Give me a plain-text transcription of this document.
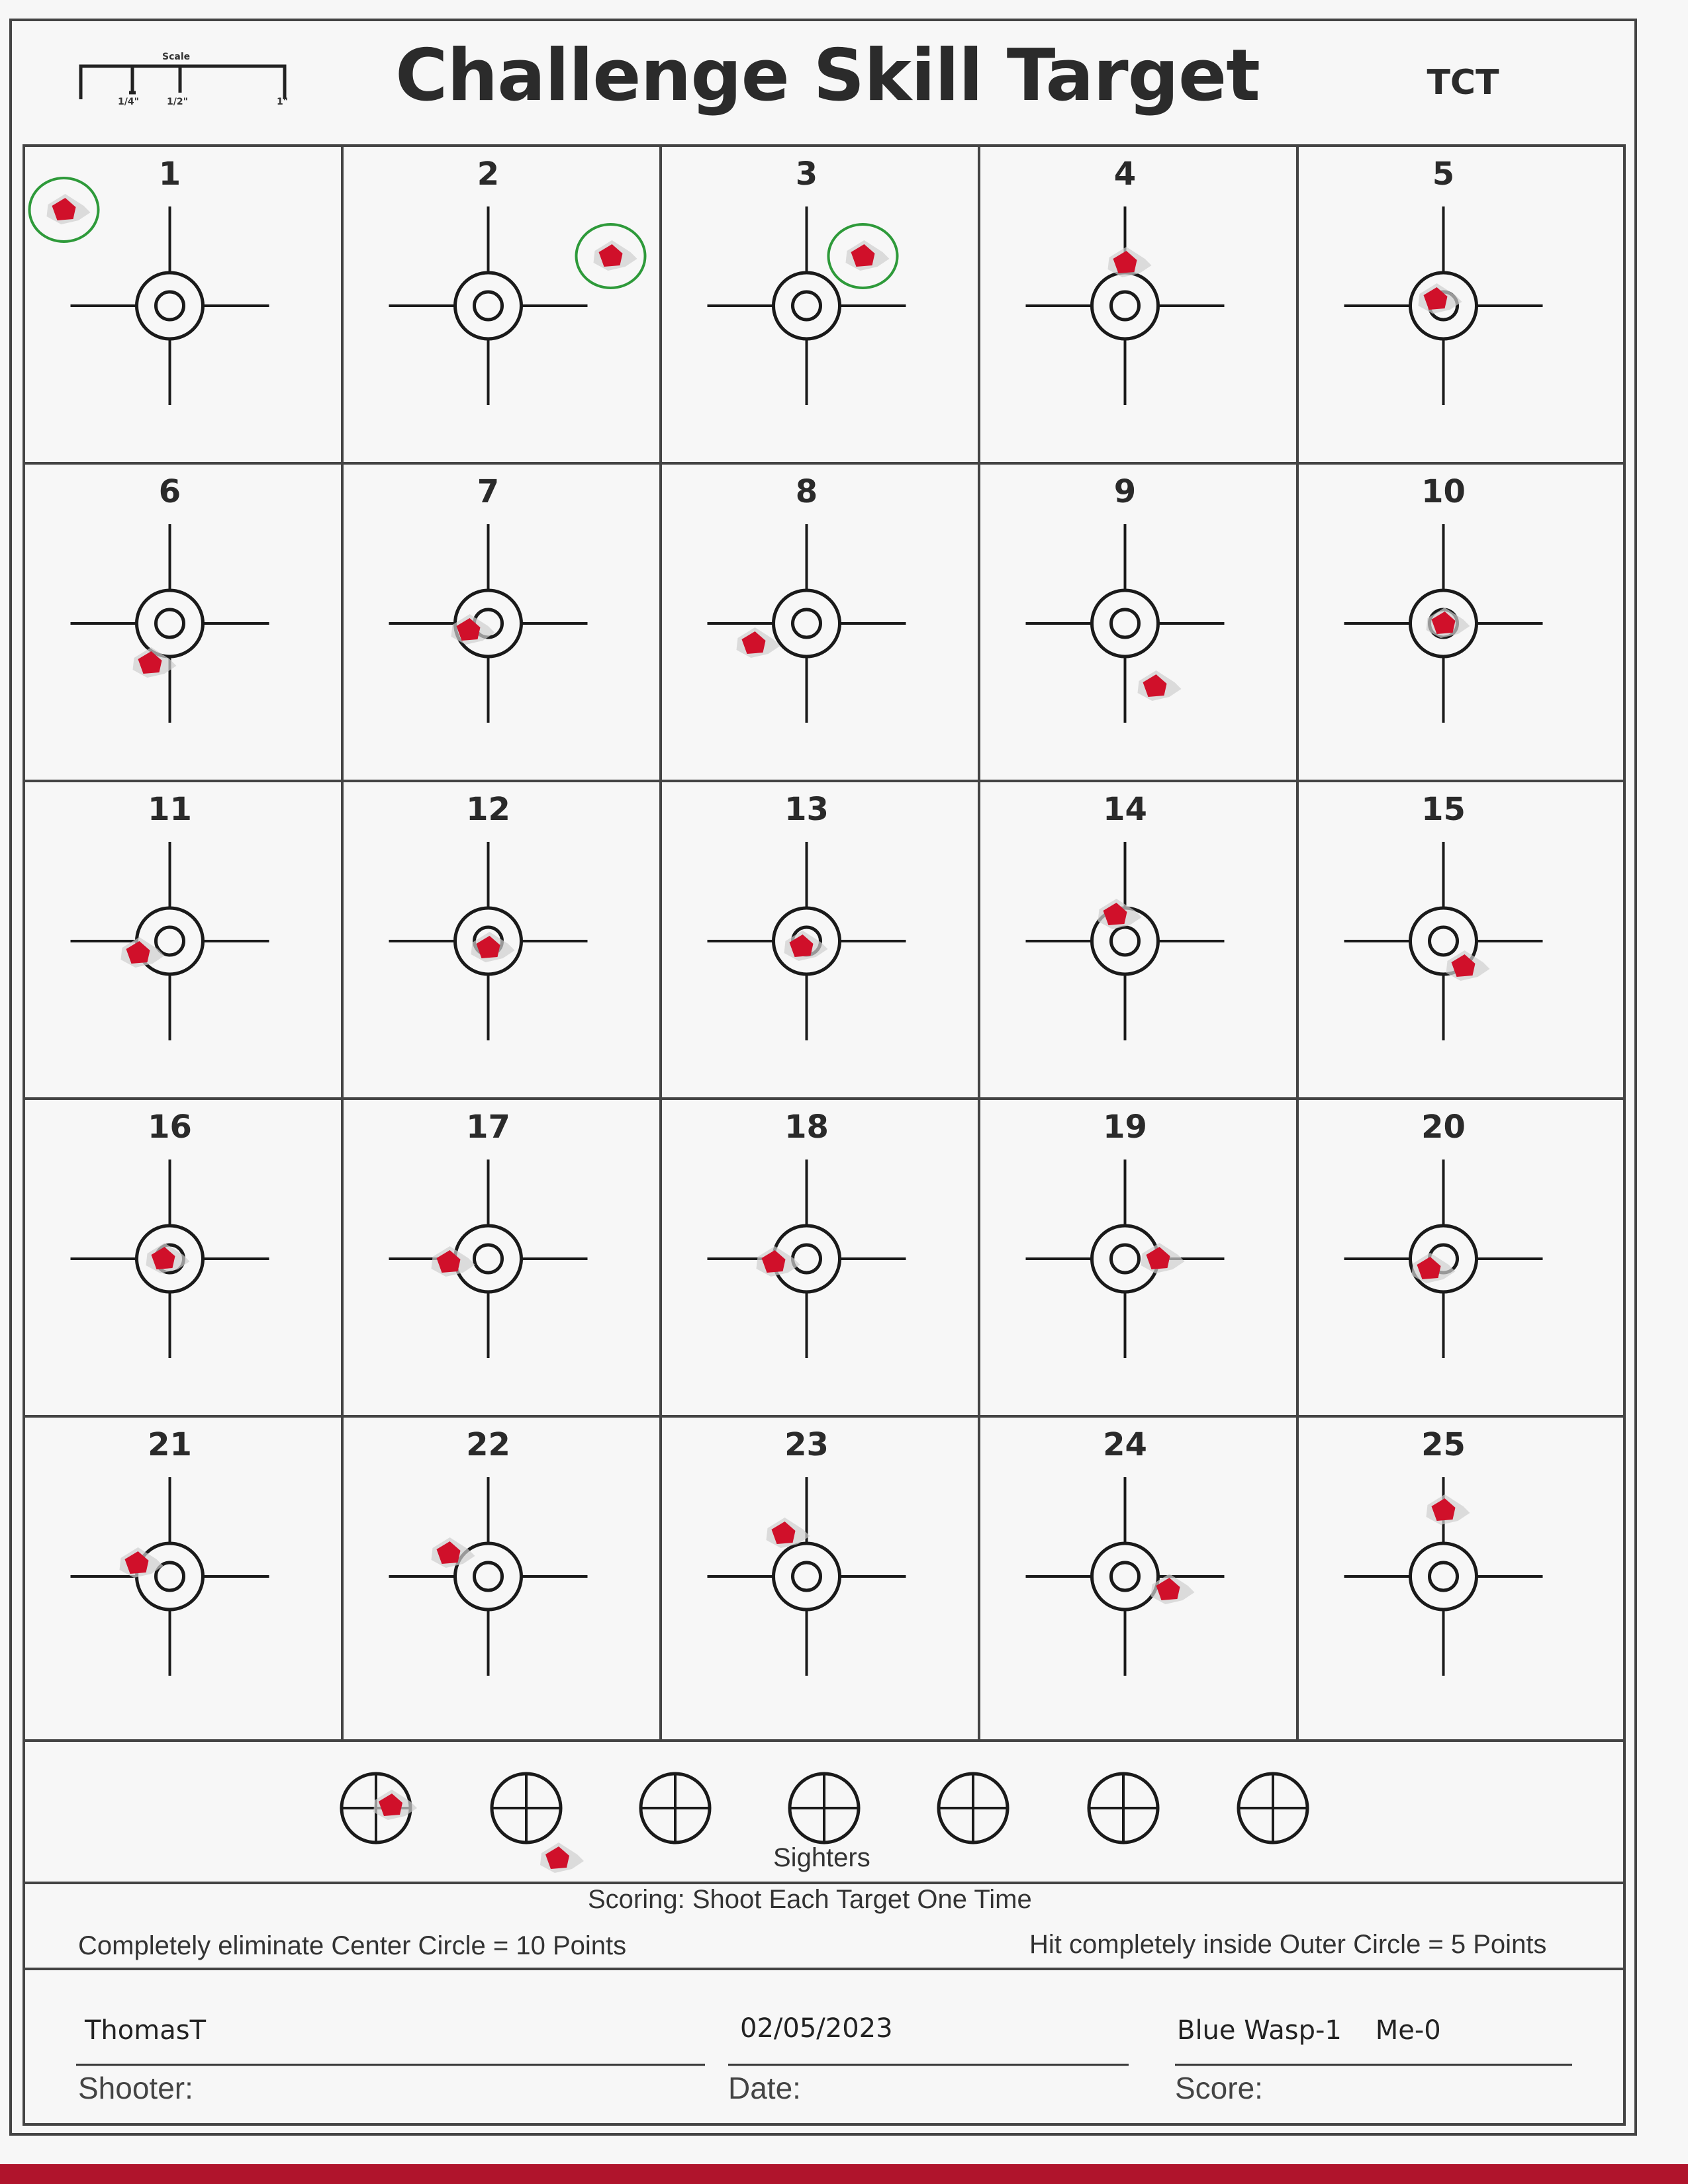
Challenge Skill Target	TCT
Scale
1/4"	1/2"	1"
1	2	3	4	5
6	7	8	9	10
11	12	13	14	15
16	17	18	19	20
21	22	23	24	25
Sighters
Scoring: Shoot Each Target One Time
Completely eliminate Center Circle = 10 Points	Hit completely inside Outer Circle = 5 Points
ThomasT	02/05/2023	Blue Wasp-1    Me-0
Shooter:	Date:	Score:
